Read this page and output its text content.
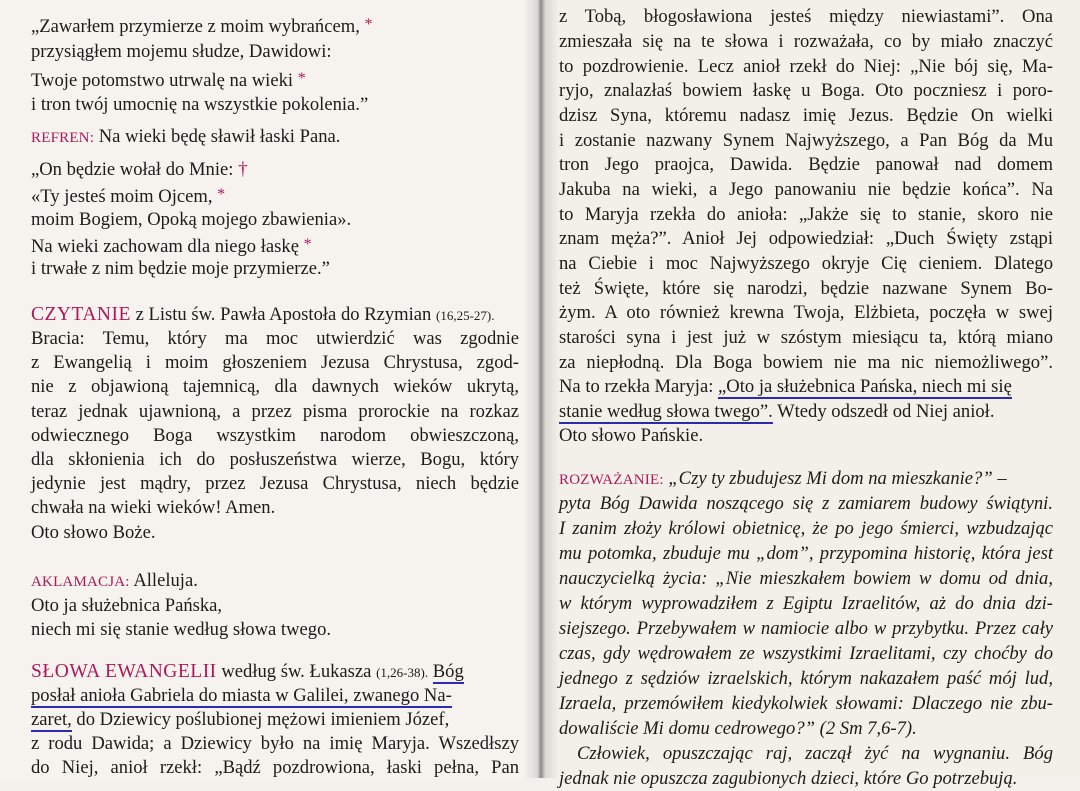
„Zawarłem przymierze z moim wybrańcem, *
przysiągłem mojemu słudze, Dawidowi:
Twoje potomstwo utrwalę na wieki *
i tron twój umocnię na wszystkie pokolenia.”
REFREN: Na wieki będę sławił łaski Pana.
„On będzie wołał do Mnie: †
«Ty jesteś moim Ojcem, *
moim Bogiem, Opoką mojego zbawienia».
Na wieki zachowam dla niego łaskę *
i trwałe z nim będzie moje przymierze.”
CZYTANIE z Listu św. Pawła Apostoła do Rzymian (16,25-27).
Bracia: Temu, który ma moc utwierdzić was zgodnie
z Ewangelią i moim głoszeniem Jezusa Chrystusa, zgod-
nie z objawioną tajemnicą, dla dawnych wieków ukrytą,
teraz jednak ujawnioną, a przez pisma prorockie na rozkaz
odwiecznego Boga wszystkim narodom obwieszczoną,
dla skłonienia ich do posłuszeństwa wierze, Bogu, który
jedynie jest mądry, przez Jezusa Chrystusa, niech będzie
chwała na wieki wieków! Amen.
Oto słowo Boże.
AKLAMACJA: Alleluja.
Oto ja służebnica Pańska,
niech mi się stanie według słowa twego.
SŁOWA EWANGELII według św. Łukasza (1,26-38). Bóg
posłał anioła Gabriela do miasta w Galilei, zwanego Na-
zaret, do Dziewicy poślubionej mężowi imieniem Józef,
z rodu Dawida; a Dziewicy było na imię Maryja. Wszedłszy
do Niej, anioł rzekł: „Bądź pozdrowiona, łaski pełna, Pan
z Tobą, błogosławiona jesteś między niewiastami”. Ona
zmieszała się na te słowa i rozważała, co by miało znaczyć
to pozdrowienie. Lecz anioł rzekł do Niej: „Nie bój się, Ma-
ryjo, znalazłaś bowiem łaskę u Boga. Oto poczniesz i poro-
dzisz Syna, któremu nadasz imię Jezus. Będzie On wielki
i zostanie nazwany Synem Najwyższego, a Pan Bóg da Mu
tron Jego praojca, Dawida. Będzie panował nad domem
Jakuba na wieki, a Jego panowaniu nie będzie końca”. Na
to Maryja rzekła do anioła: „Jakże się to stanie, skoro nie
znam męża?”. Anioł Jej odpowiedział: „Duch Święty zstąpi
na Ciebie i moc Najwyższego okryje Cię cieniem. Dlatego
też Święte, które się narodzi, będzie nazwane Synem Bo-
żym. A oto również krewna Twoja, Elżbieta, poczęła w swej
starości syna i jest już w szóstym miesiącu ta, którą miano
za niepłodną. Dla Boga bowiem nie ma nic niemożliwego”.
Na to rzekła Maryja: „Oto ja służebnica Pańska, niech mi się
stanie według słowa twego”. Wtedy odszedł od Niej anioł.
Oto słowo Pańskie.
ROZWAŻANIE: „Czy ty zbudujesz Mi dom na mieszkanie?” –
pyta Bóg Dawida noszącego się z zamiarem budowy świątyni.
I zanim złoży królowi obietnicę, że po jego śmierci, wzbudzając
mu potomka, zbuduje mu „dom”, przypomina historię, która jest
nauczycielką życia: „Nie mieszkałem bowiem w domu od dnia,
w którym wyprowadziłem z Egiptu Izraelitów, aż do dnia dzi-
siejszego. Przebywałem w namiocie albo w przybytku. Przez cały
czas, gdy wędrowałem ze wszystkimi Izraelitami, czy choćby do
jednego z sędziów izraelskich, którym nakazałem paść mój lud,
Izraela, przemówiłem kiedykolwiek słowami: Dlaczego nie zbu-
dowaliście Mi domu cedrowego?” (2 Sm 7,6-7).
Człowiek, opuszczając raj, zaczął żyć na wygnaniu. Bóg
jednak nie opuszcza zagubionych dzieci, które Go potrzebują.
